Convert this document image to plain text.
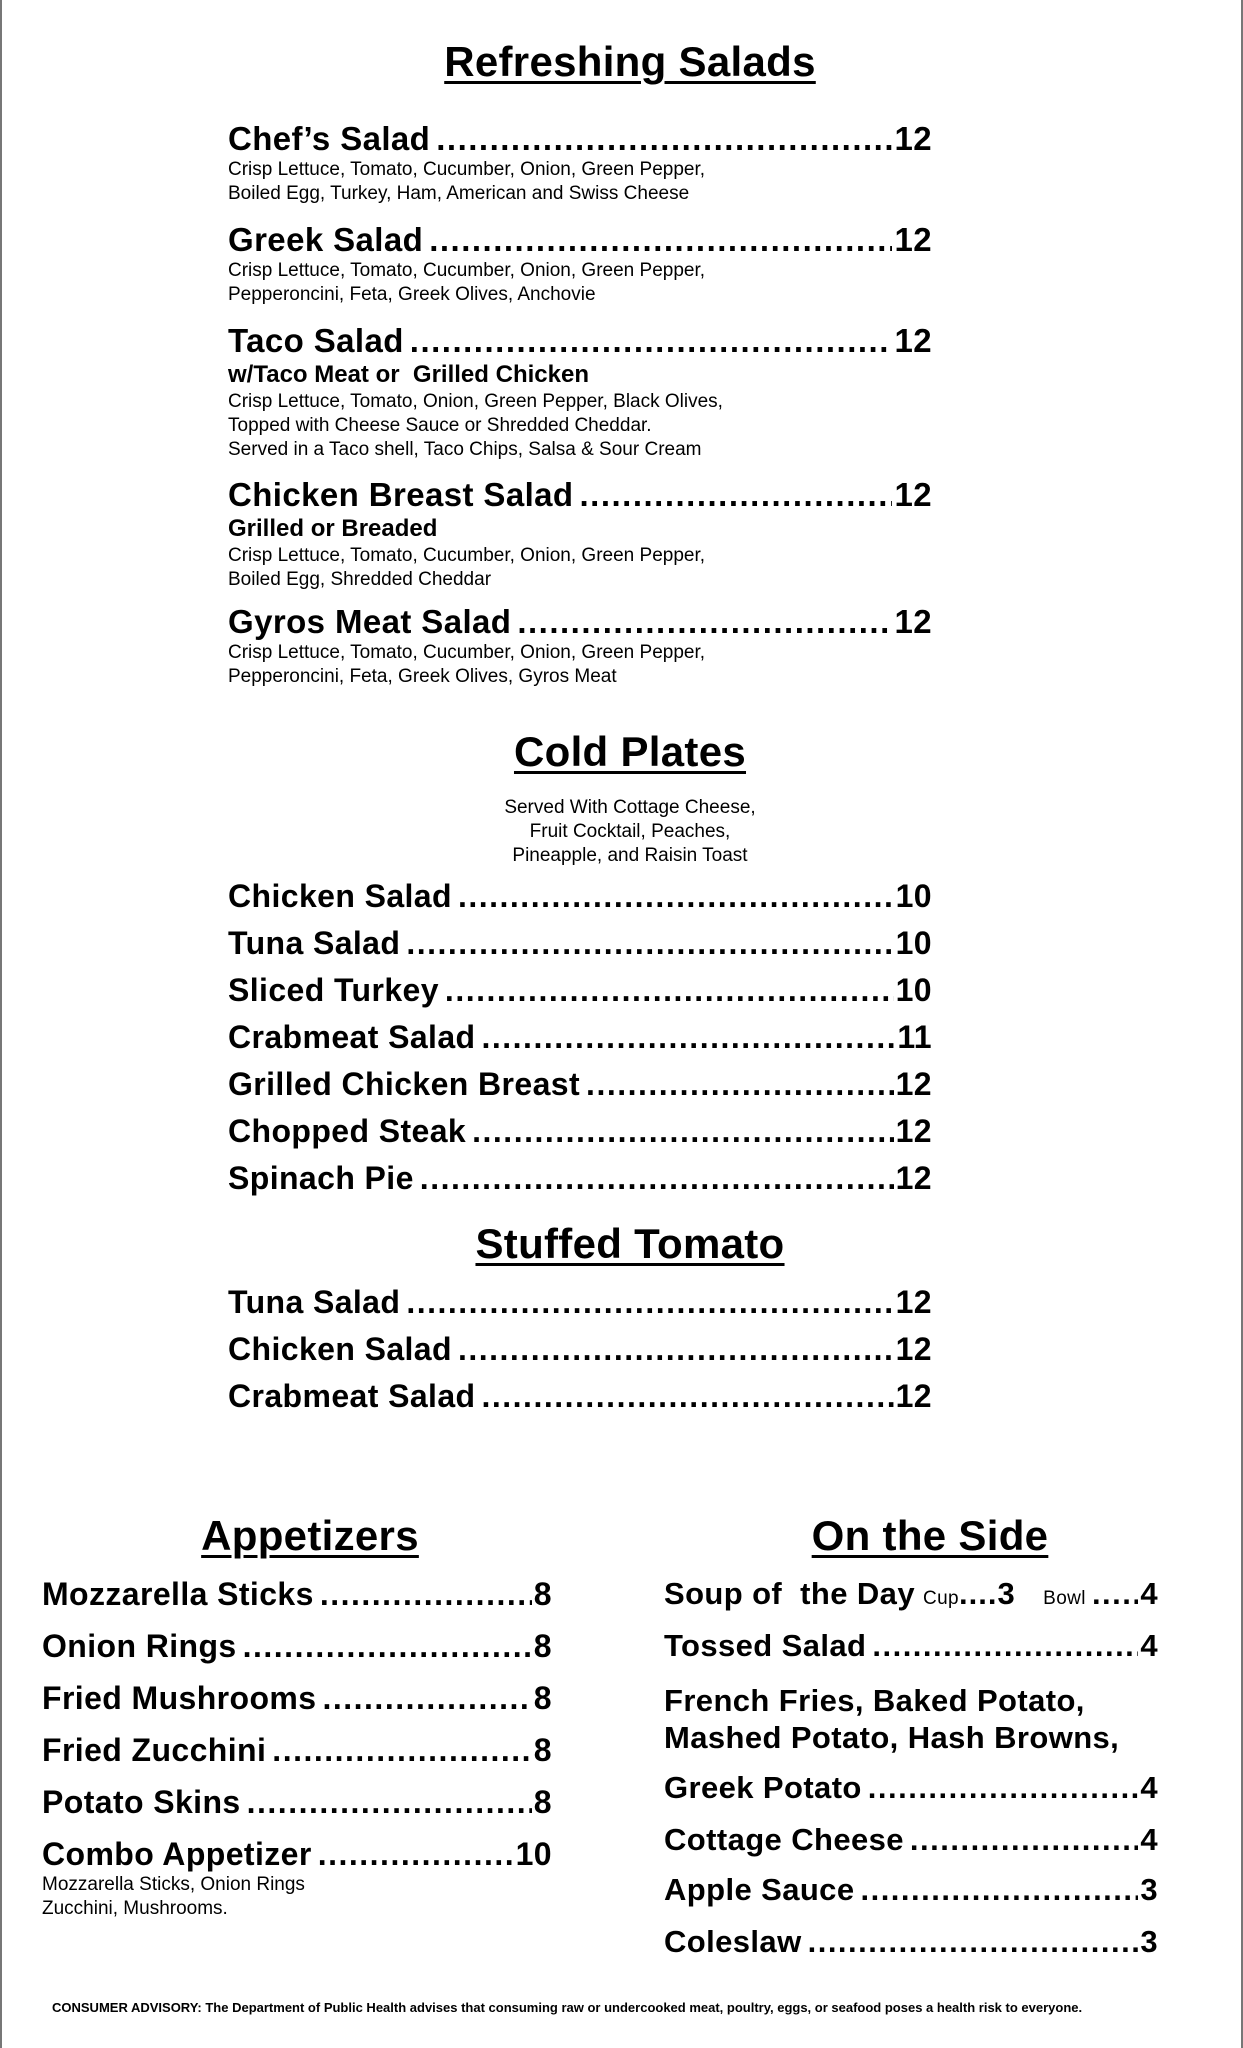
Refreshing Salads
Chef’s Salad .....	12
Crisp Lettuce, Tomato, Cucumber, Onion, Green Pepper,
Boiled Egg, Turkey, Ham, American and Swiss Cheese
Greek Salad .....	12
Crisp Lettuce, Tomato, Cucumber, Onion, Green Pepper,
Pepperoncini, Feta, Greek Olives, Anchovie
Taco Salad .....	12
w/Taco Meat or  Grilled Chicken
Crisp Lettuce, Tomato, Onion, Green Pepper, Black Olives,
Topped with Cheese Sauce or Shredded Cheddar.
Served in a Taco shell, Taco Chips, Salsa & Sour Cream
Chicken Breast Salad .....	12
Grilled or Breaded
Crisp Lettuce, Tomato, Cucumber, Onion, Green Pepper,
Boiled Egg, Shredded Cheddar
Gyros Meat Salad .....	12
Crisp Lettuce, Tomato, Cucumber, Onion, Green Pepper,
Pepperoncini, Feta, Greek Olives, Gyros Meat
Cold Plates
Served With Cottage Cheese,
Fruit Cocktail, Peaches,
Pineapple, and Raisin Toast
Chicken Salad .....	10
Tuna Salad .....	10
Sliced Turkey .....	10
Crabmeat Salad .....	11
Grilled Chicken Breast .....	12
Chopped Steak .....	12
Spinach Pie .....	12
Stuffed Tomato
Tuna Salad .....	12
Chicken Salad .....	12
Crabmeat Salad .....	12
Appetizers
Mozzarella Sticks .....	8
Onion Rings .....	8
Fried Mushrooms .....	8
Fried Zucchini .....	8
Potato Skins .....	8
Combo Appetizer .....	10
Mozzarella Sticks, Onion Rings
Zucchini, Mushrooms.
On the Side
Soup of  the Day Cup .... 3 Bowl ..... 4
Tossed Salad .....	4
French Fries, Baked Potato,
Mashed Potato, Hash Browns,
Greek Potato .....	4
Cottage Cheese .....	4
Apple Sauce .....	3
Coleslaw .....	3
CONSUMER ADVISORY: The Department of Public Health advises that consuming raw or undercooked meat, poultry, eggs, or seafood poses a health risk to everyone.
